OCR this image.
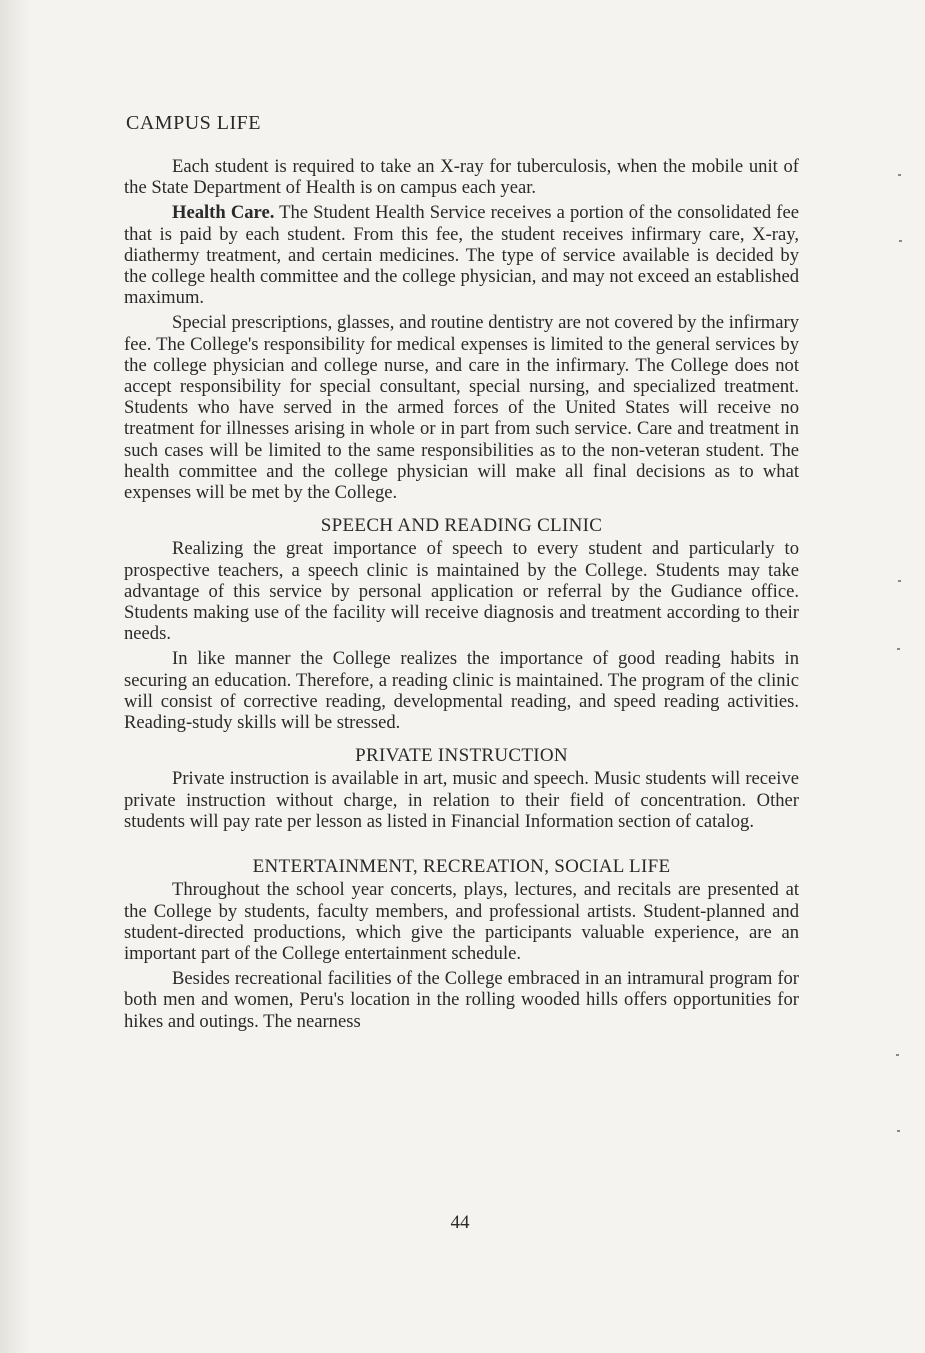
CAMPUS LIFE

Each student is required to take an X-ray for tuberculosis, when the mobile unit of the State Department of Health is on campus each year.

Health Care. The Student Health Service receives a portion of the consolidated fee that is paid by each student. From this fee, the student receives infirmary care, X-ray, diathermy treatment, and certain medicines. The type of service available is decided by the college health committee and the college physician, and may not exceed an established maximum.

Special prescriptions, glasses, and routine dentistry are not covered by the infirmary fee. The College's responsibility for medical expenses is limited to the general services by the college physician and college nurse, and care in the infirmary. The College does not accept responsibility for special consultant, special nursing, and specialized treatment. Students who have served in the armed forces of the United States will receive no treatment for illnesses arising in whole or in part from such service. Care and treatment in such cases will be limited to the same responsibilities as to the non-veteran student. The health committee and the college physician will make all final decisions as to what expenses will be met by the College.

SPEECH AND READING CLINIC

Realizing the great importance of speech to every student and particularly to prospective teachers, a speech clinic is maintained by the College. Students may take advantage of this service by personal application or referral by the Gudiance office. Students making use of the facility will receive diagnosis and treatment according to their needs.

In like manner the College realizes the importance of good reading habits in securing an education. Therefore, a reading clinic is maintained. The program of the clinic will consist of corrective reading, developmental reading, and speed reading activities. Reading-study skills will be stressed.

PRIVATE INSTRUCTION

Private instruction is available in art, music and speech. Music students will receive private instruction without charge, in relation to their field of concentration. Other students will pay rate per lesson as listed in Financial Information section of catalog.

ENTERTAINMENT, RECREATION, SOCIAL LIFE

Throughout the school year concerts, plays, lectures, and recitals are presented at the College by students, faculty members, and professional artists. Student-planned and student-directed productions, which give the participants valuable experience, are an important part of the College entertainment schedule.

Besides recreational facilities of the College embraced in an intramural program for both men and women, Peru's location in the rolling wooded hills offers opportunities for hikes and outings. The nearness

44
